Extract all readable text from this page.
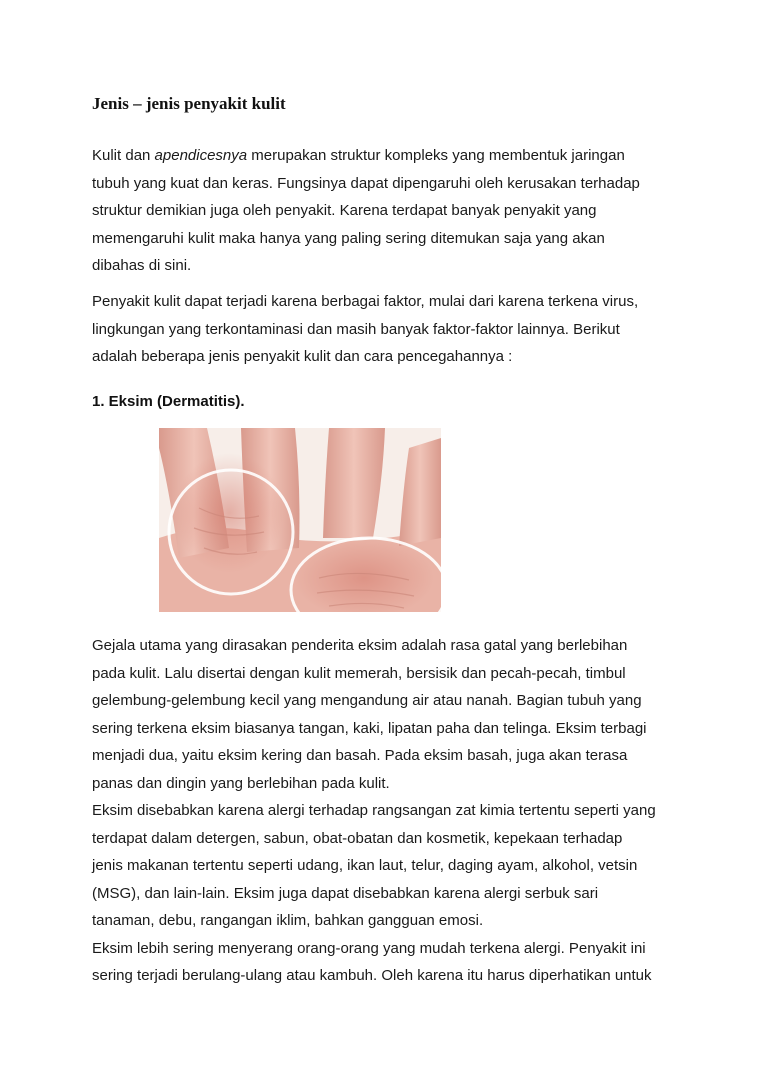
Jenis – jenis penyakit kulit

Kulit dan apendicesnya merupakan struktur kompleks yang membentuk jaringan
tubuh yang kuat dan keras. Fungsinya dapat dipengaruhi oleh kerusakan terhadap
struktur demikian juga oleh penyakit. Karena terdapat banyak penyakit yang
memengaruhi kulit maka hanya yang paling sering ditemukan saja yang akan
dibahas di sini.

Penyakit kulit dapat terjadi karena berbagai faktor, mulai dari karena terkena virus,
lingkungan yang terkontaminasi dan masih banyak faktor-faktor lainnya. Berikut
adalah beberapa jenis penyakit kulit dan cara pencegahannya :

1. Eksim (Dermatitis).

Gejala utama yang dirasakan penderita eksim adalah rasa gatal yang berlebihan
pada kulit. Lalu disertai dengan kulit memerah, bersisik dan pecah-pecah, timbul
gelembung-gelembung kecil yang mengandung air atau nanah. Bagian tubuh yang
sering terkena eksim biasanya tangan, kaki, lipatan paha dan telinga. Eksim terbagi
menjadi dua, yaitu eksim kering dan basah. Pada eksim basah, juga akan terasa
panas dan dingin yang berlebihan pada kulit.
Eksim disebabkan karena alergi terhadap rangsangan zat kimia tertentu seperti yang
terdapat dalam detergen, sabun, obat-obatan dan kosmetik, kepekaan terhadap
jenis makanan tertentu seperti udang, ikan laut, telur, daging ayam, alkohol, vetsin
(MSG), dan lain-lain. Eksim juga dapat disebabkan karena alergi serbuk sari
tanaman, debu, rangangan iklim, bahkan gangguan emosi.
Eksim lebih sering menyerang orang-orang yang mudah terkena alergi. Penyakit ini
sering terjadi berulang-ulang atau kambuh. Oleh karena itu harus diperhatikan untuk
